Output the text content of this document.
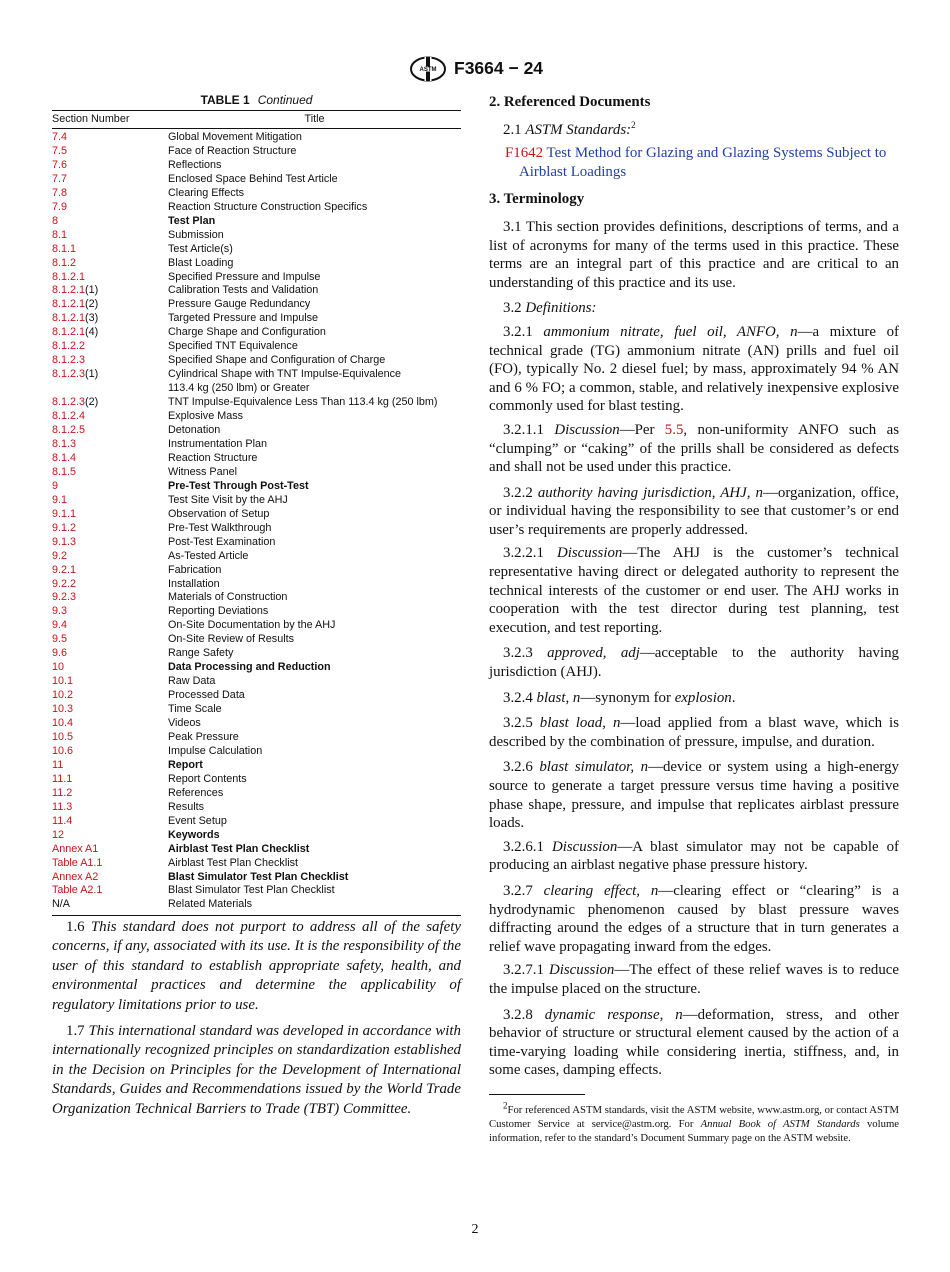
ASTM F3664 − 24
TABLE 1 Continued
Section Number	Title
7.4	Global Movement Mitigation
7.5	Face of Reaction Structure
7.6	Reflections
7.7	Enclosed Space Behind Test Article
7.8	Clearing Effects
7.9	Reaction Structure Construction Specifics
8	Test Plan
8.1	Submission
8.1.1	Test Article(s)
8.1.2	Blast Loading
8.1.2.1	Specified Pressure and Impulse
8.1.2.1(1)	Calibration Tests and Validation
8.1.2.1(2)	Pressure Gauge Redundancy
8.1.2.1(3)	Targeted Pressure and Impulse
8.1.2.1(4)	Charge Shape and Configuration
8.1.2.2	Specified TNT Equivalence
8.1.2.3	Specified Shape and Configuration of Charge
8.1.2.3(1)	Cylindrical Shape with TNT Impulse-Equivalence
113.4 kg (250 lbm) or Greater
8.1.2.3(2)	TNT Impulse-Equivalence Less Than 113.4 kg (250 lbm)
8.1.2.4	Explosive Mass
8.1.2.5	Detonation
8.1.3	Instrumentation Plan
8.1.4	Reaction Structure
8.1.5	Witness Panel
9	Pre-Test Through Post-Test
9.1	Test Site Visit by the AHJ
9.1.1	Observation of Setup
9.1.2	Pre-Test Walkthrough
9.1.3	Post-Test Examination
9.2	As-Tested Article
9.2.1	Fabrication
9.2.2	Installation
9.2.3	Materials of Construction
9.3	Reporting Deviations
9.4	On-Site Documentation by the AHJ
9.5	On-Site Review of Results
9.6	Range Safety
10	Data Processing and Reduction
10.1	Raw Data
10.2	Processed Data
10.3	Time Scale
10.4	Videos
10.5	Peak Pressure
10.6	Impulse Calculation
11	Report
11.1	Report Contents
11.2	References
11.3	Results
11.4	Event Setup
12	Keywords
Annex A1	Airblast Test Plan Checklist
Table A1.1	Airblast Test Plan Checklist
Annex A2	Blast Simulator Test Plan Checklist
Table A2.1	Blast Simulator Test Plan Checklist
N/A	Related Materials

1.6 This standard does not purport to address all of the safety concerns, if any, associated with its use. It is the responsibility of the user of this standard to establish appropriate safety, health, and environmental practices and determine the applicability of regulatory limitations prior to use.

1.7 This international standard was developed in accordance with internationally recognized principles on standardization established in the Decision on Principles for the Development of International Standards, Guides and Recommendations issued by the World Trade Organization Technical Barriers to Trade (TBT) Committee.

2. Referenced Documents

2.1 ASTM Standards:$^2$

F1642 Test Method for Glazing and Glazing Systems Subject to Airblast Loadings

3. Terminology

3.1 This section provides definitions, descriptions of terms, and a list of acronyms for many of the terms used in this practice. These terms are an integral part of this practice and are critical to an understanding of this practice and its use.

3.2 Definitions:

3.2.1 ammonium nitrate, fuel oil, ANFO, n—a mixture of technical grade (TG) ammonium nitrate (AN) prills and fuel oil (FO), typically No. 2 diesel fuel; by mass, approximately 94 % AN and 6 % FO; a common, stable, and relatively inexpensive explosive commonly used for blast testing.

3.2.1.1 Discussion—Per 5.5, non-uniformity ANFO such as “clumping” or “caking” of the prills shall be considered as defects and shall not be used under this practice.

3.2.2 authority having jurisdiction, AHJ, n—organization, office, or individual having the responsibility to see that customer’s or end user’s requirements are properly addressed.

3.2.2.1 Discussion—The AHJ is the customer’s technical representative having direct or delegated authority to represent the technical interests of the customer or end user. The AHJ works in cooperation with the test director during test planning, test execution, and test reporting.

3.2.3 approved, adj—acceptable to the authority having jurisdiction (AHJ).

3.2.4 blast, n—synonym for explosion.

3.2.5 blast load, n—load applied from a blast wave, which is described by the combination of pressure, impulse, and duration.

3.2.6 blast simulator, n—device or system using a high-energy source to generate a target pressure versus time having a positive phase shape, pressure, and impulse that replicates airblast pressure loads.

3.2.6.1 Discussion—A blast simulator may not be capable of producing an airblast negative phase pressure history.

3.2.7 clearing effect, n—clearing effect or “clearing” is a hydrodynamic phenomenon caused by blast pressure waves diffracting around the edges of a structure that in turn generates a relief wave propagating inward from the edges.

3.2.7.1 Discussion—The effect of these relief waves is to reduce the impulse placed on the structure.

3.2.8 dynamic response, n—deformation, stress, and other behavior of structure or structural element caused by the action of a time-varying loading while considering inertia, stiffness, and, in some cases, damping effects.

$^2$For referenced ASTM standards, visit the ASTM website, www.astm.org, or contact ASTM Customer Service at service@astm.org. For Annual Book of ASTM Standards volume information, refer to the standard’s Document Summary page on the ASTM website.
2
